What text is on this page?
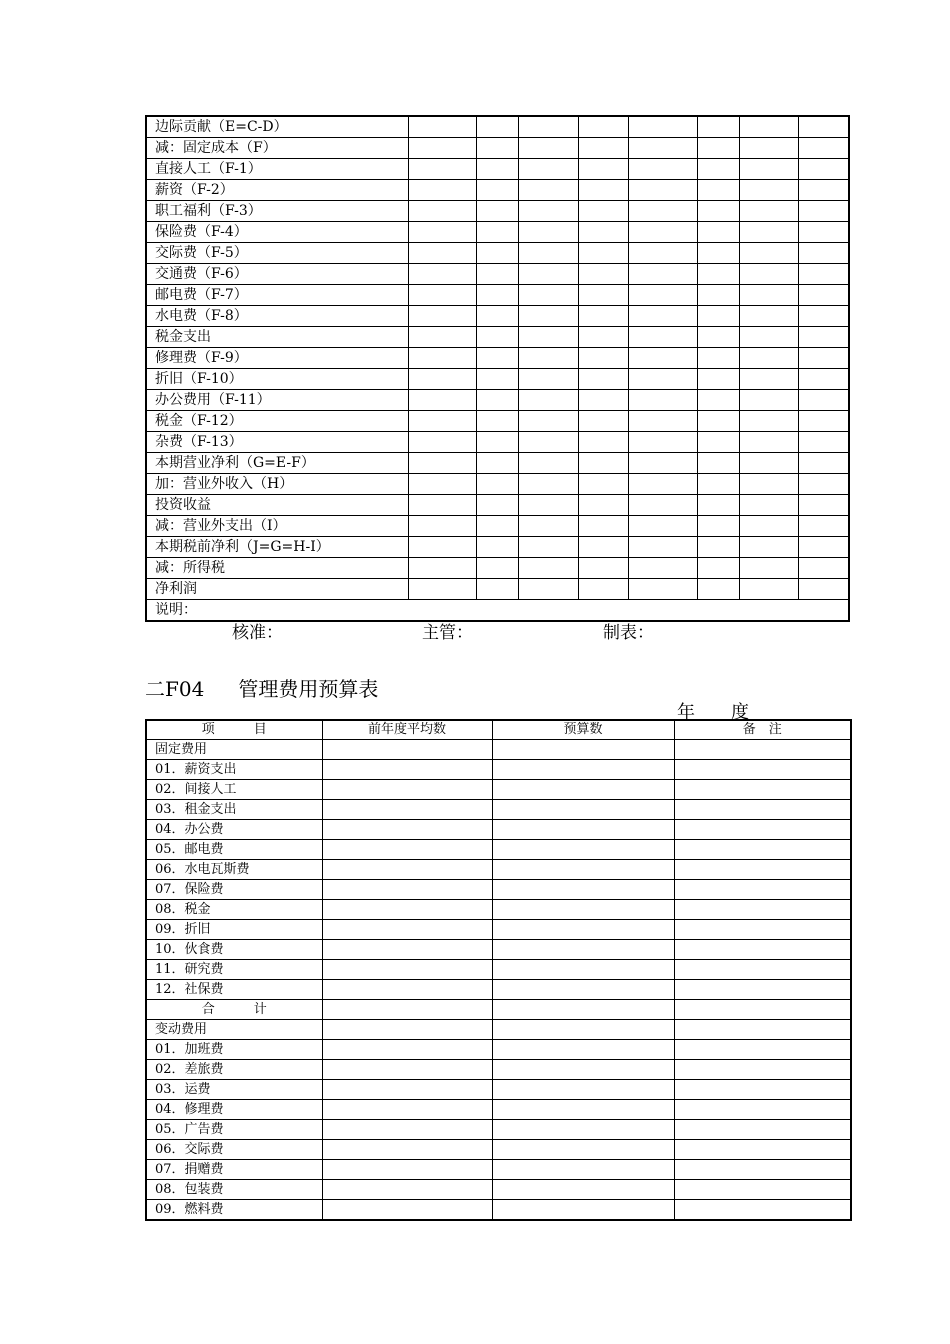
边际贡献（E=C-D）								
减：固定成本（F）								
直接人工（F-1）								
薪资（F-2）								
职工福利（F-3）								
保险费（F-4）								
交际费（F-5）								
交通费（F-6）								
邮电费（F-7）								
水电费（F-8）								
税金支出								
修理费（F-9）								
折旧（F-10）								
办公费用（F-11）								
税金（F-12）								
杂费（F-13）								
本期营业净利（G=E-F）								
加：营业外收入（H）								
投资收益								
减：营业外支出（I）								
本期税前净利（J=G=H-I）								
减：所得税								
净利润								
说明：								
核准：	主管：	制表：
二F04 管理费用预算表
年 度
项　　　目	前年度平均数	预算数	备　注
固定费用			
01．薪资支出			
02．间接人工			
03．租金支出			
04．办公费			
05．邮电费			
06．水电瓦斯费			
07．保险费			
08．税金			
09．折旧			
10．伙食费			
11．研究费			
12．社保费			
合　　　计			
变动费用			
01．加班费			
02．差旅费			
03．运费			
04．修理费			
05．广告费			
06．交际费			
07．捐赠费			
08．包装费			
09．燃料费			
